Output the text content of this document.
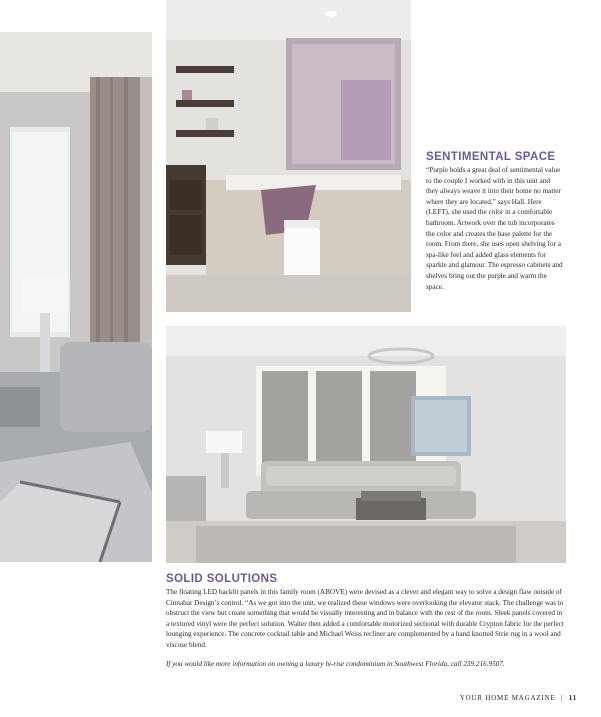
SENTIMENTAL SPACE

“Purple holds a great deal of sentimental value to the couple I worked with in this unit and they always weave it into their home no matter where they are located,” says Hall. Here (LEFT), she used the color in a comfortable bathroom. Artwork over the tub incorporates the color and creates the base palette for the room. From there, she uses open shelving for a spa-like feel and added glass elements for sparkle and glamour. The espresso cabinets and shelves bring out the purple and warm the space.

SOLID SOLUTIONS

The floating LED backlit panels in this family room (ABOVE) were devised as a clever and elegant way to solve a design flaw outside of Cinnabar Design’s control. “As we got into the unit, we realized these windows were overlooking the elevator stack. The challenge was to obstruct the view but create something that would be visually interesting and in balance with the rest of the room. Sleek panels covered in a textured vinyl were the perfect solution. Walter then added a comfortable motorized sectional with durable Crypton fabric for the perfect lounging experience. The concrete cocktail table and Michael Weiss recliner are complemented by a hand knotted Strie rug in a wool and viscose blend.

If you would like more information on owning a luxury hi-rise condominium in Southwest Florida, call 239.216.9507.

YOUR HOME MAGAZINE | 11
